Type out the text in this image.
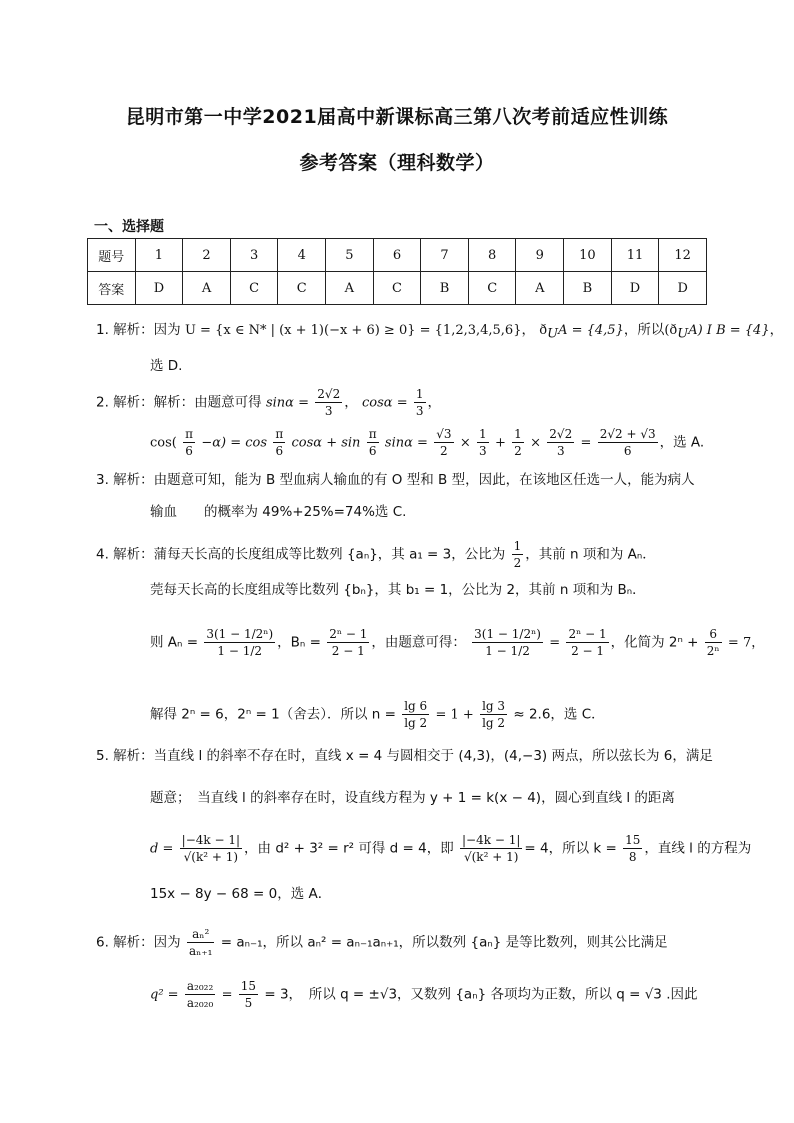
昆明市第一中学2021届高中新课标高三第八次考前适应性训练
参考答案（理科数学）
一、选择题
题号	1	2	3	4	5	6	7	8	9	10	11	12
答案	D	A	C	C	A	C	B	C	A	B	D	D
1. 解析：因为 U = {x ∈ N* | (x + 1)(−x + 6) ≥ 0} = {1,2,3,4,5,6}， $ð_UA = \{4,5\}$，所以$(ð_UA)$ I B = {4}，
选 D.
2. 解析：解析：由题意可得 $\sin\alpha = \frac{2√2}{3}$ ， $\cos\alpha = \frac{1}{3}$ ，
$\cos( \frac{\pi}{6} -\alpha) = \cos \frac{\pi}{6}$ $\cos\alpha + \sin \frac{\pi}{6}$ $\sin\alpha = \frac{√3}{2} \times \frac{1}{3} + \frac{1}{2} \times \frac{2√2}{3} = \frac{2√2 + √3}{6}$ ，选 A.
3. 解析：由题意可知，能为 B 型血病人输血的有 O 型和 B 型，因此，在该地区任选一人，能为病人
输血　　的概率为 49%+25%=74%选 C.
4. 解析：蒲每天长高的长度组成等比数列 {aₙ}，其 a₁ = 3，公比为 $\frac{1}{2}$ ，其前 n 项和为 Aₙ．
莞每天长高的长度组成等比数列 {bₙ}，其 b₁ = 1，公比为 2，其前 n 项和为 Bₙ．
则 $A_n = \frac{\text{3(1 − 1/2ⁿ)}}{1 - 1/2}$ ，$B_n = \frac{\text{2ⁿ − 1}}{2 - 1}$ ，由题意可得： $\frac{\text{3(1 − 1/2ⁿ)}}{1 - 1/2} = \frac{\text{2ⁿ − 1}}{2 - 1}$ ，化简为 $2^n + \frac{6}{\text{2ⁿ}} = 7$，
解得 2ⁿ = 6，2ⁿ = 1（舍去）．所以 $n = \frac{\lg 6}{\lg 2} = 1 + \frac{\lg 3}{\lg 2} \approx 2.6$，选 C．
5. 解析：当直线 l 的斜率不存在时，直线 x = 4 与圆相交于 (4,3)，(4,−3) 两点，所以弦长为 6，满足
题意；　当直线 l 的斜率存在时，设直线方程为 y + 1 = k(x − 4)，圆心到直线 l 的距离
$d = \frac{|-4k - 1|}{\text{√(k² + 1)}}$ ，由 d² + 3² = r² 可得 d = 4，即 $\frac{|-4k - 1|}{\text{√(k² + 1)}} = 4$，所以 $k = \frac{15}{8}$ ，直线 l 的方程为
15x − 8y − 68 = 0，选 A．
6. 解析：因为 $\frac{\text{aₙ²}}{\text{aₙ₊₁}} = a_{n-1}$，所以 aₙ² = aₙ₋₁aₙ₊₁，所以数列 {aₙ} 是等比数列，则其公比满足
$q^2 = \frac{\text{a₂₀₂₂}}{\text{a₂₀₂₀}} = \frac{15}{5} = 3$，　所以 q = ±√3，又数列 {aₙ} 各项均为正数，所以 q = √3 .因此
